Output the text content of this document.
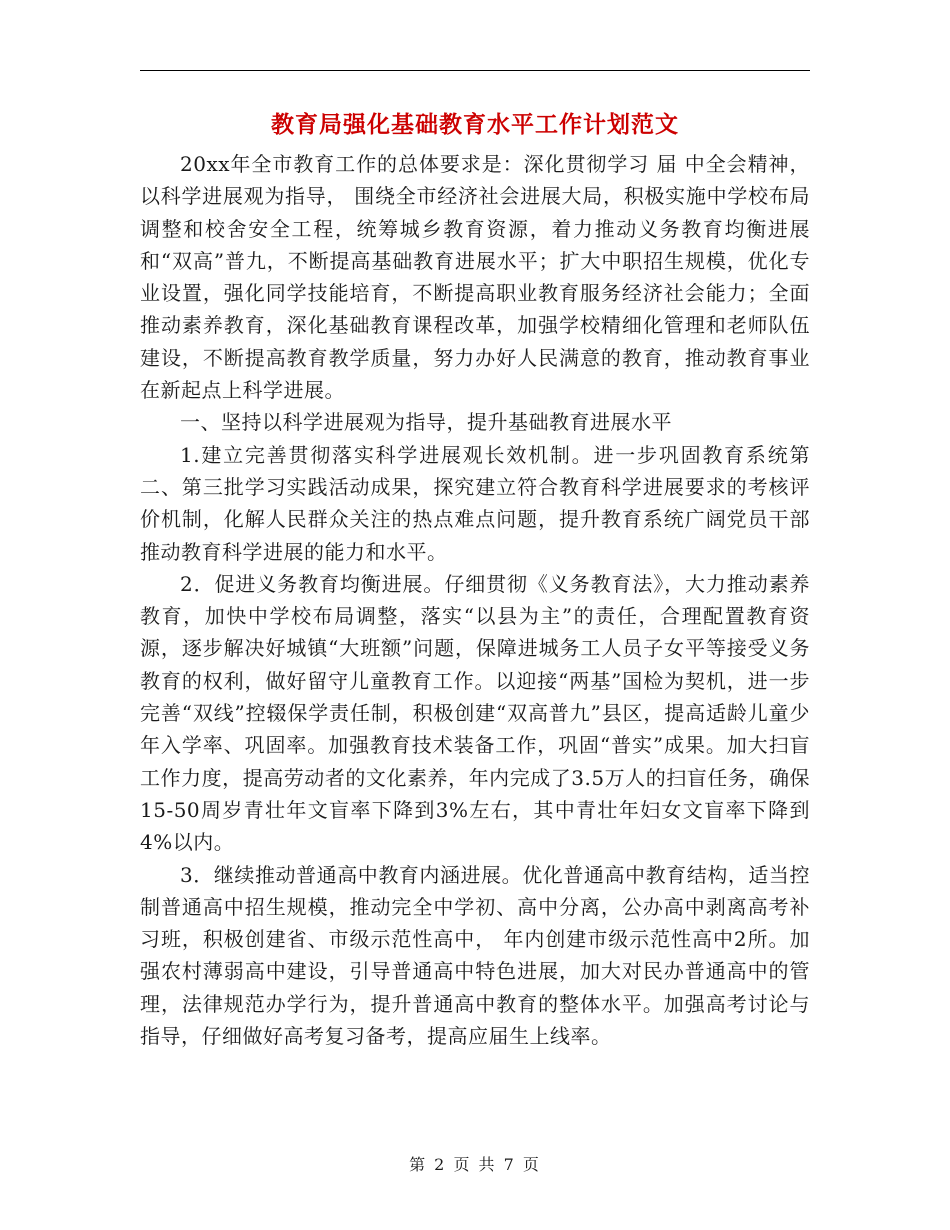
教育局强化基础教育水平工作计划范文

20xx年全市教育工作的总体要求是：深化贯彻学习 届 中全会精神，以科学进展观为指导， 围绕全市经济社会进展大局，积极实施中学校布局调整和校舍安全工程，统筹城乡教育资源，着力推动义务教育均衡进展和“双高”普九，不断提高基础教育进展水平；扩大中职招生规模，优化专业设置，强化同学技能培育，不断提高职业教育服务经济社会能力；全面推动素养教育，深化基础教育课程改革，加强学校精细化管理和老师队伍建设，不断提高教育教学质量，努力办好人民满意的教育，推动教育事业在新起点上科学进展。

一、坚持以科学进展观为指导，提升基础教育进展水平

1.建立完善贯彻落实科学进展观长效机制。进一步巩固教育系统第二、第三批学习实践活动成果，探究建立符合教育科学进展要求的考核评价机制，化解人民群众关注的热点难点问题，提升教育系统广阔党员干部推动教育科学进展的能力和水平。

2．促进义务教育均衡进展。仔细贯彻《义务教育法》，大力推动素养教育，加快中学校布局调整，落实“以县为主”的责任，合理配置教育资源，逐步解决好城镇“大班额”问题，保障进城务工人员子女平等接受义务教育的权利，做好留守儿童教育工作。以迎接“两基”国检为契机，进一步完善“双线”控辍保学责任制，积极创建“双高普九”县区，提高适龄儿童少年入学率、巩固率。加强教育技术装备工作，巩固“普实”成果。加大扫盲工作力度，提高劳动者的文化素养，年内完成了3.5万人的扫盲任务，确保15-50周岁青壮年文盲率下降到3%左右，其中青壮年妇女文盲率下降到4%以内。

3．继续推动普通高中教育内涵进展。优化普通高中教育结构，适当控制普通高中招生规模，推动完全中学初、高中分离，公办高中剥离高考补习班，积极创建省、市级示范性高中， 年内创建市级示范性高中2所。加强农村薄弱高中建设，引导普通高中特色进展，加大对民办普通高中的管理，法律规范办学行为，提升普通高中教育的整体水平。加强高考讨论与指导，仔细做好高考复习备考，提高应届生上线率。

第 2 页 共 7 页
